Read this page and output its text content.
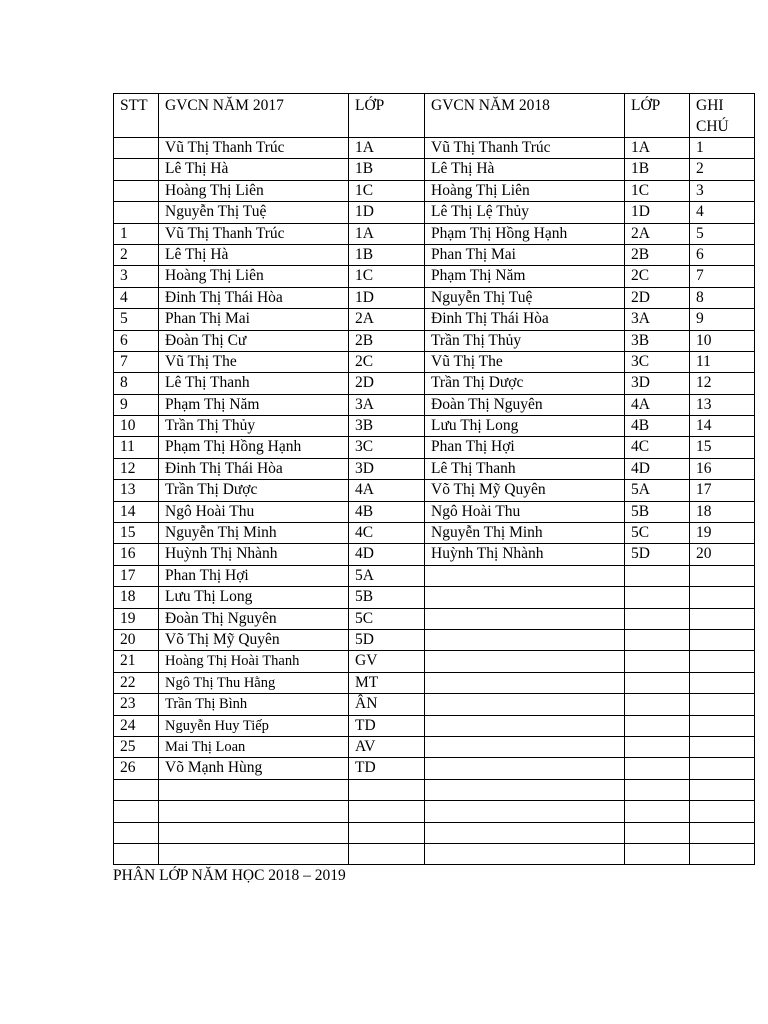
STT	GVCN NĂM 2017	LỚP	GVCN NĂM 2018	LỚP	GHI CHÚ
	Vũ Thị Thanh Trúc	1A	Vũ Thị Thanh Trúc	1A	1
	Lê Thị Hà	1B	Lê Thị Hà	1B	2
	Hoàng Thị Liên	1C	Hoàng Thị Liên	1C	3
	Nguyễn Thị Tuệ	1D	Lê Thị Lệ Thủy	1D	4
1	Vũ Thị Thanh Trúc	1A	Phạm Thị Hồng Hạnh	2A	5
2	Lê Thị Hà	1B	Phan Thị Mai	2B	6
3	Hoàng Thị Liên	1C	Phạm Thị Năm	2C	7
4	Đinh Thị Thái Hòa	1D	Nguyễn Thị Tuệ	2D	8
5	Phan Thị Mai	2A	Đinh Thị Thái Hòa	3A	9
6	Đoàn Thị Cư	2B	Trần Thị Thủy	3B	10
7	Vũ Thị The	2C	Vũ Thị The	3C	11
8	Lê Thị Thanh	2D	Trần Thị Dược	3D	12
9	Phạm Thị Năm	3A	Đoàn Thị Nguyên	4A	13
10	Trần Thị Thủy	3B	Lưu Thị Long	4B	14
11	Phạm Thị Hồng Hạnh	3C	Phan Thị Hợi	4C	15
12	Đinh Thị Thái Hòa	3D	Lê Thị Thanh	4D	16
13	Trần Thị Dược	4A	Võ Thị Mỹ Quyên	5A	17
14	Ngô Hoài Thu	4B	Ngô Hoài Thu	5B	18
15	Nguyễn Thị Minh	4C	Nguyễn Thị Minh	5C	19
16	Huỳnh Thị Nhành	4D	Huỳnh Thị Nhành	5D	20
17	Phan Thị Hợi	5A			
18	Lưu Thị Long	5B			
19	Đoàn Thị Nguyên	5C			
20	Võ Thị Mỹ Quyên	5D			
21	Hoàng Thị Hoài Thanh	GV			
22	Ngô Thị Thu Hằng	MT			
23	Trần Thị Bình	ÂN			
24	Nguyễn Huy Tiếp	TD			
25	Mai Thị Loan	AV			
26	Võ Mạnh Hùng	TD			

PHÂN LỚP NĂM HỌC 2018 – 2019
